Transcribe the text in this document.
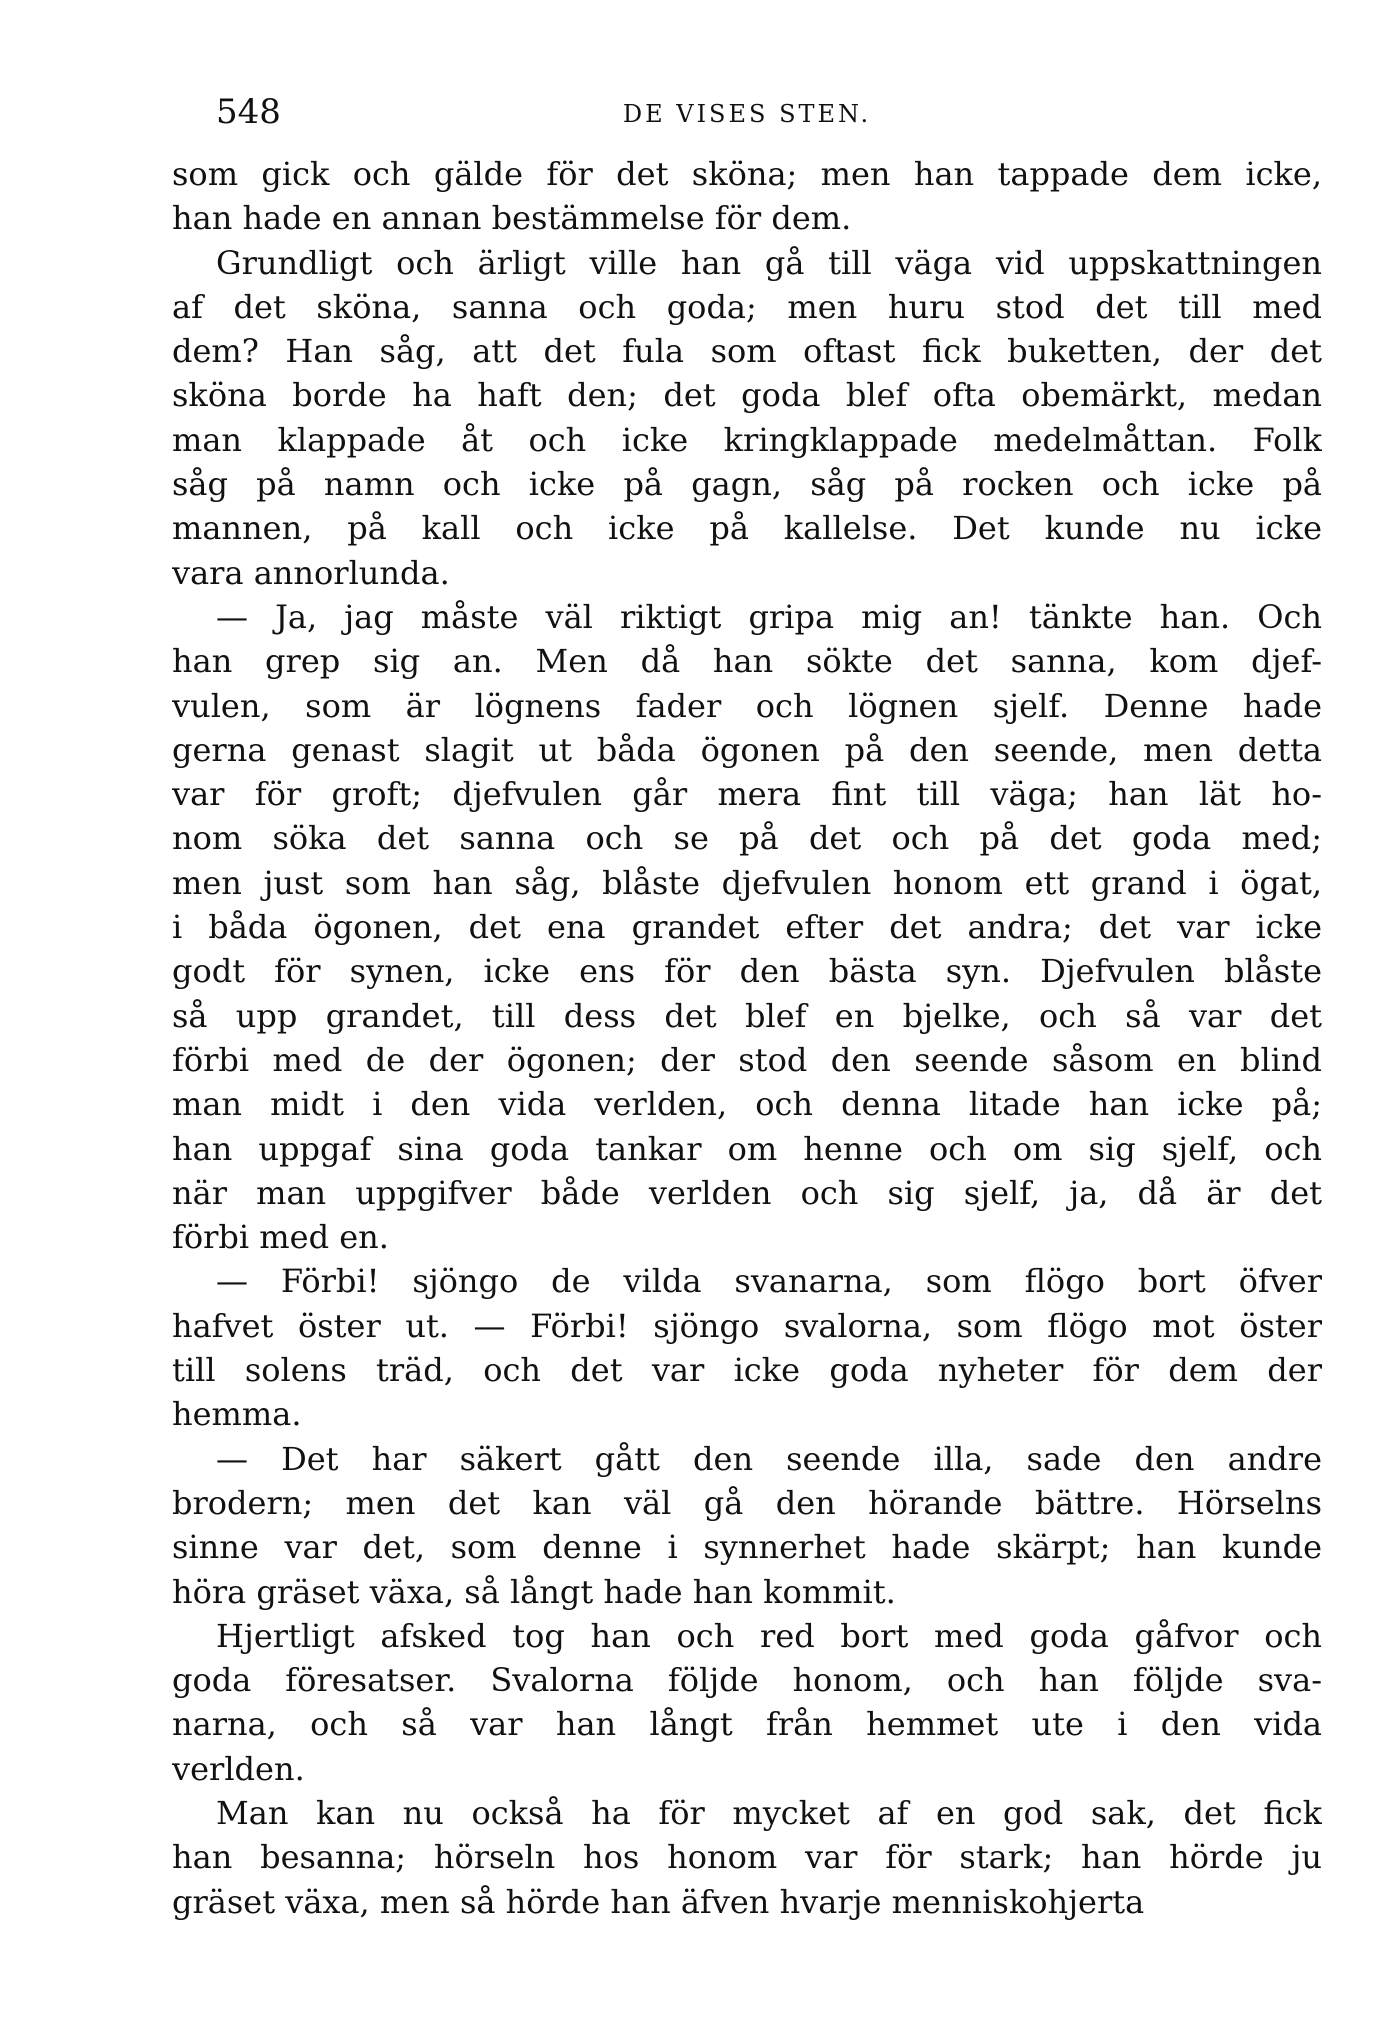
548	DE VISES STEN.
som gick och gälde för det sköna; men han tappade dem icke,
han hade en annan bestämmelse för dem.
Grundligt och ärligt ville han gå till väga vid uppskattningen
af det sköna, sanna och goda; men huru stod det till med
dem? Han såg, att det fula som oftast fick buketten, der det
sköna borde ha haft den; det goda blef ofta obemärkt, medan
man klappade åt och icke kringklappade medelmåttan. Folk
såg på namn och icke på gagn, såg på rocken och icke på
mannen, på kall och icke på kallelse. Det kunde nu icke
vara annorlunda.
— Ja, jag måste väl riktigt gripa mig an! tänkte han. Och
han grep sig an. Men då han sökte det sanna, kom djef-
vulen, som är lögnens fader och lögnen sjelf. Denne hade
gerna genast slagit ut båda ögonen på den seende, men detta
var för groft; djefvulen går mera fint till väga; han lät ho-
nom söka det sanna och se på det och på det goda med;
men just som han såg, blåste djefvulen honom ett grand i ögat,
i båda ögonen, det ena grandet efter det andra; det var icke
godt för synen, icke ens för den bästa syn. Djefvulen blåste
så upp grandet, till dess det blef en bjelke, och så var det
förbi med de der ögonen; der stod den seende såsom en blind
man midt i den vida verlden, och denna litade han icke på;
han uppgaf sina goda tankar om henne och om sig sjelf, och
när man uppgifver både verlden och sig sjelf, ja, då är det
förbi med en.
— Förbi! sjöngo de vilda svanarna, som flögo bort öfver
hafvet öster ut. — Förbi! sjöngo svalorna, som flögo mot öster
till solens träd, och det var icke goda nyheter för dem der
hemma.
— Det har säkert gått den seende illa, sade den andre
brodern; men det kan väl gå den hörande bättre. Hörselns
sinne var det, som denne i synnerhet hade skärpt; han kunde
höra gräset växa, så långt hade han kommit.
Hjertligt afsked tog han och red bort med goda gåfvor och
goda föresatser. Svalorna följde honom, och han följde sva-
narna, och så var han långt från hemmet ute i den vida
verlden.
Man kan nu också ha för mycket af en god sak, det fick
han besanna; hörseln hos honom var för stark; han hörde ju
gräset växa, men så hörde han äfven hvarje menniskohjerta
